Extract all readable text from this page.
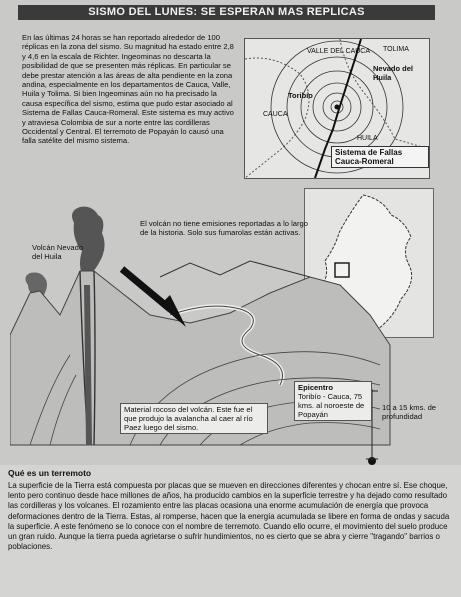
SISMO DEL LUNES: SE ESPERAN MAS REPLICAS

En las últimas 24 horas se han reportado alrededor de 100 réplicas en la zona del sismo. Su magnitud ha estado entre 2,8 y 4,6 en la escala de Richter. Ingeominas no descarta la posibilidad de que se presenten más réplicas. En particular se debe prestar atención a las áreas de alta pendiente en la zona andina, especialmente en los departamentos de Cauca, Valle, Huila y Tolima. Si bien Ingeominas aún no ha precisado la causa específica del sismo, estima que pudo estar asociado al Sistema de Fallas Cauca-Romeral. Este sistema es muy activo y atraviesa Colombia de sur a norte entre las cordilleras Occidental y Central. El terremoto de Popayán lo causó una falla satélite del mismo sistema.

VALLE DEL CAUCA TOLIMA
Nevado del Huila
Toribío
CAUCA
HUILA
Sistema de Fallas Cauca-Romeral
Volcán Nevado del Huila
El volcán no tiene emisiones reportadas a lo largo de la historia. Solo sus fumarolas están activas.
Material rocoso del volcán. Este fue el que produjo la avalancha al caer al río Paez luego del sismo.
Epicentro
Toribío - Cauca, 75 kms. al noroeste de Popayán
10 a 15 kms. de profundidad
Qué es un terremoto

La superficie de la Tierra está compuesta por placas que se mueven en direcciones diferentes y chocan entre sí. Ese choque, lento pero continuo desde hace millones de años, ha producido cambios en la superficie terrestre y ha dejado como resultado las cordilleras y los volcanes. El rozamiento entre las placas ocasiona una enorme acumulación de energía que provoca deformaciones dentro de la Tierra. Estas, al romperse, hacen que la energía acumulada se libere en forma de ondas y sacuda la superficie. A este fenómeno se lo conoce con el nombre de terremoto. Cuando ello ocurre, el movimiento del suelo produce un gran ruido. Aunque la tierra pueda agrietarse o sufrir hundimientos, no es cierto que se abra y cierre "tragando" barrios o poblaciones.
